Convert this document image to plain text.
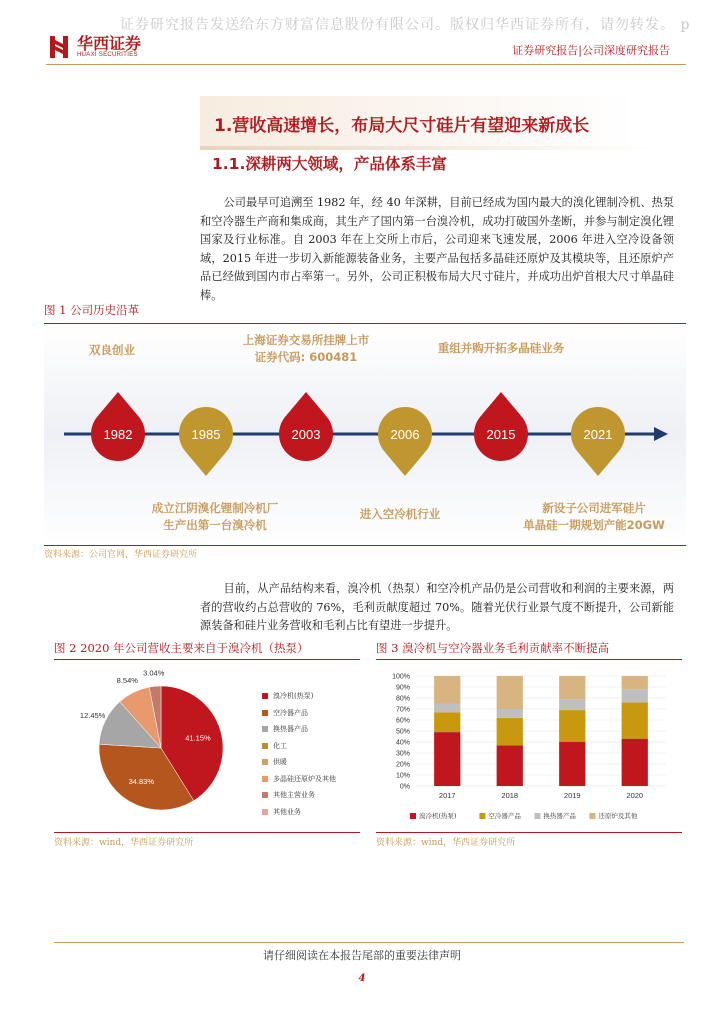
证券研究报告发送给东方财富信息股份有限公司。版权归华西证券所有，请勿转发。 p
华西证券
HUAXI SECURITIES	证券研究报告|公司深度研究报告
1.营收高速增长，布局大尺寸硅片有望迎来新成长
1.1.深耕两大领域，产品体系丰富
公司最早可追溯至 1982 年，经 40 年深耕，目前已经成为国内最大的溴化锂制冷机、热泵和空冷器生产商和集成商，其生产了国内第一台溴冷机，成功打破国外垄断，并参与制定溴化锂国家及行业标准。自 2003 年在上交所上市后，公司迎来飞速发展，2006 年进入空冷设备领域，2015 年进一步切入新能源装备业务，主要产品包括多晶硅还原炉及其模块等，且还原炉产品已经做到国内市占率第一。另外，公司正积极布局大尺寸硅片，并成功出炉首根大尺寸单晶硅棒。
图 1 公司历史沿革
1982	1985	2003	2006	2015	2021
双良创业
上海证券交易所挂牌上市
证券代码: 600481
重组并购开拓多晶硅业务
成立江阴溴化锂制冷机厂
生产出第一台溴冷机
进入空冷机行业	新设子公司进军硅片
单晶硅一期规划产能20GW
资料来源：公司官网，华西证券研究所
目前，从产品结构来看，溴冷机（热泵）和空冷机产品仍是公司营收和利润的主要来源，两者的营收约占总营收的 76%，毛利贡献度超过 70%。随着光伏行业景气度不断提升，公司新能源装备和硅片业务营收和毛利占比有望进一步提升。
图 2 2020 年公司营收主要来自于溴冷机（热泵）
41.15%
34.83%
12.45%
8.54%
3.04%
溴冷机(热泵)
空冷器产品
换热器产品
化工
供暖
多晶硅还原炉及其他
其他主营业务
其他业务
资料来源：wind，华西证券研究所
图 3 溴冷机与空冷器业务毛利贡献率不断提高
0%
10%
20%
30%
40%
50%
60%
70%
80%
90%
100%
2017	2018	2019	2020
溴冷机(热泵)	空冷器产品	换热器产品	还原炉及其他
资料来源：wind，华西证券研究所
请仔细阅读在本报告尾部的重要法律声明
4
